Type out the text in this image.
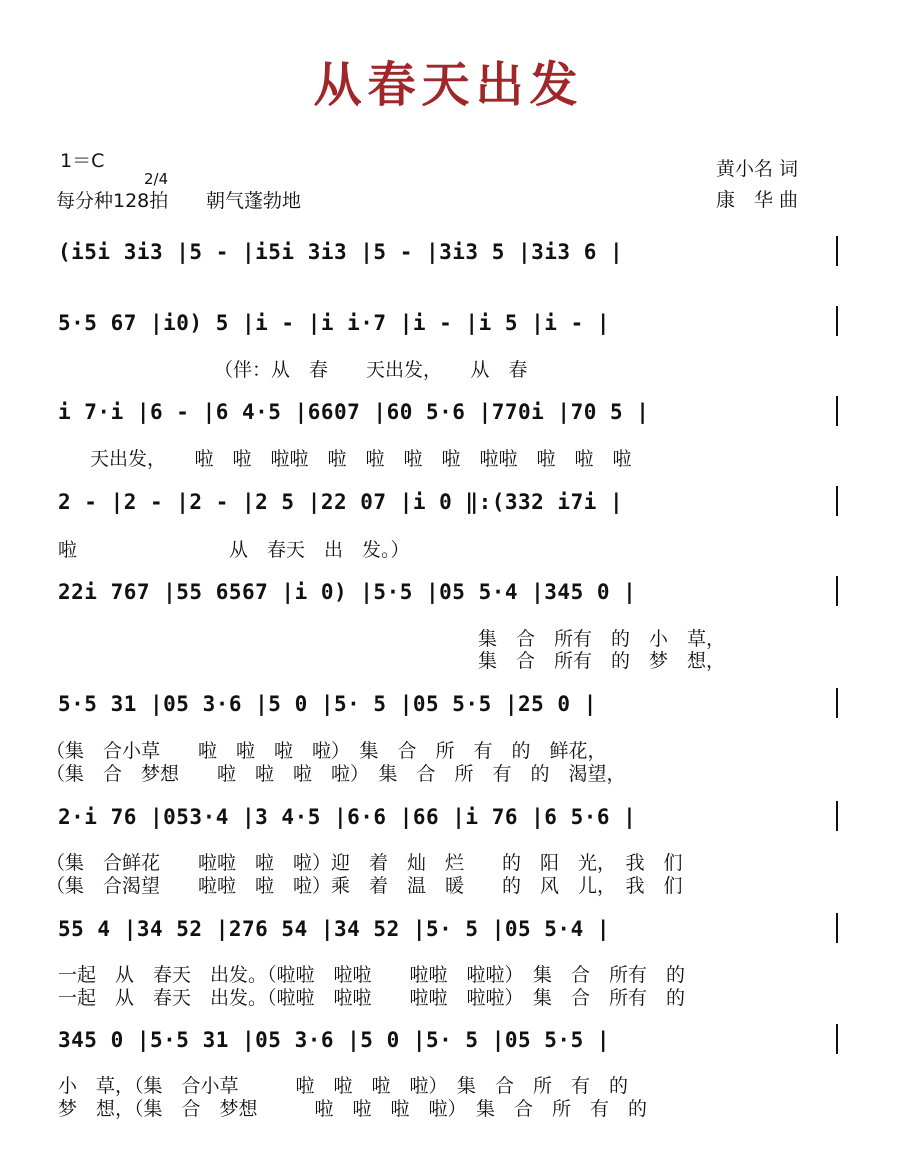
从春天出发
1＝C

2/4

每分种128拍 朝气蓬勃地
黄小名 词
康　华 曲
(i5i 3i3 |5 - |i5i 3i3 |5 - |3i3 5 |3i3 6 |
5·5 67 |i0) 5 |i - |i i·7 |i - |i 5 |i - |
（伴：从　春　　天出发，　　从　春
i 7·i |6 - |6 4·5 |6607 |60 5·6 |770i |70 5 |
天出发，　　啦　啦　啦啦　啦　啦　啦　啦　啦啦　啦　啦　啦
2 - |2 - |2 - |2 5 |22 07 |i 0 ‖:(332 i7i |
啦　　　　　　　　从　春天　出　发。）
22i 767 |55 6567 |i 0) |5·5 |05 5·4 |345 0 |
集　合　所有　的　小　草，
集　合　所有　的　梦　想，
5·5 31 |05 3·6 |5 0 |5· 5 |05 5·5 |25 0 |
（集　合小草　　啦　啦　啦　啦）　集　合　所　有　的　鲜花，
（集　合　梦想　　啦　啦　啦　啦）　集　合　所　有　的　渴望，
2·i 76 |053·4 |3 4·5 |6·6 |66 |i 76 |6 5·6 |
（集　合鲜花　　啦啦　啦　啦）迎　着　灿　烂　　的　阳　光，　我　们
（集　合渴望　　啦啦　啦　啦）乘　着　温　暖　　的　风　儿，　我　们
55 4 |34 52 |276 54 |34 52 |5· 5 |05 5·4 |
一起　从　春天　出发。（啦啦　啦啦　　啦啦　啦啦）　集　合　所有　的
一起　从　春天　出发。（啦啦　啦啦　　啦啦　啦啦）　集　合　所有　的
345 0 |5·5 31 |05 3·6 |5 0 |5· 5 |05 5·5 |
小　草，（集　合小草　　　啦　啦　啦　啦）　集　合　所　有　的
梦　想，（集　合　梦想　　　啦　啦　啦　啦）　集　合　所　有　的
